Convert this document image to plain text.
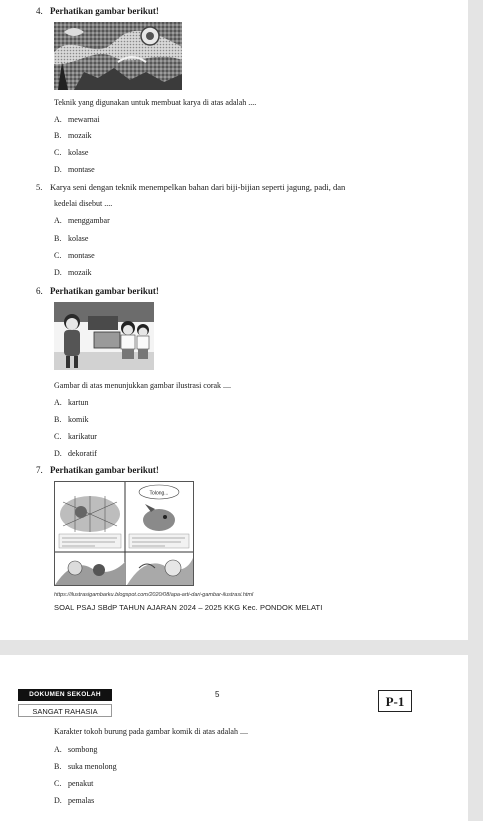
4. Perhatikan gambar berikut!
Teknik yang digunakan untuk membuat karya di atas adalah ....
A. mewarnai
B. mozaik
C. kolase
D. montase
5. Karya seni dengan teknik menempelkan bahan dari biji-bijian seperti jagung, padi, dan
kedelai disebut ....
A. menggambar
B. kolase
C. montase
D. mozaik
6. Perhatikan gambar berikut!
Gambar di atas menunjukkan gambar ilustrasi corak ....
A. kartun
B. komik
C. karikatur
D. dekoratif
7. Perhatikan gambar berikut!
Tolong...
https://ilustrasigambarku.blogspot.com/2020/08/apa-arti-dari-gambar-ilustrasi.html
SOAL PSAJ SBdP TAHUN AJARAN 2024 – 2025 KKG Kec. PONDOK MELATI
DOKUMEN SEKOLAH
SANGAT RAHASIA
5	P-1
Karakter tokoh burung pada gambar komik di atas adalah ....
A. sombong
B. suka menolong
C. penakut
D. pemalas
